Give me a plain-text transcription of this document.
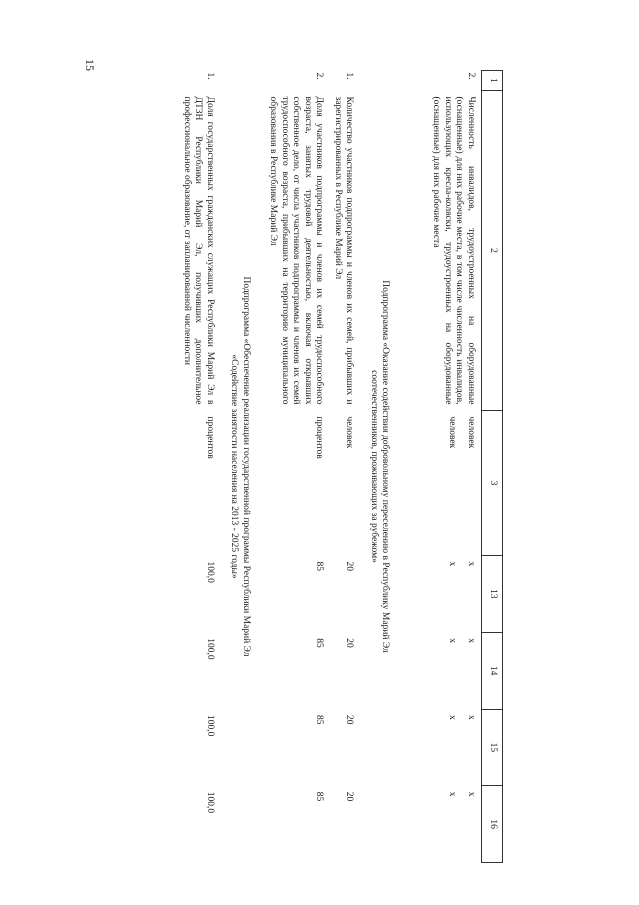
15
1	2	3	13	14	15	16
2.	Численность инвалидов, трудоустроенных на оборудованные (оснащенные) для них рабочие места, в том числе численность инвалидов, использующих кресла-коляски, трудоустроенных на оборудованные (оснащенные) для них рабочие места	человек	х	х	х	х
		человек	х	х	х	х

Подпрограмма «Оказание содействия добровольному переселению в Республику Марий Эл
соотечественников, проживающих за рубежом»						

1.	Количество участников подпрограммы и членов их семей, прибывших и зарегистрированных в Республике Марий Эл	человек	20	20	20	20
2.	Доля участников подпрограммы и членов их семей трудоспособного возраста, занятых трудовой деятельностью, включая открывших собственное дело, от числа участников подпрограммы и членов их семей трудоспособного возраста, прибывших на территорию муниципального образования в Республике Марий Эл	процентов	85	85	85	85

Подпрограмма «Обеспечение реализации государственной программы Республики Марий Эл
«Содействие занятости населения на 2013 - 2025 годы»						

1.	Доля государственных гражданских служащих Республики Марий Эл в ДТЗН Республики Марий Эл, получивших дополнительное профессиональное образование, от запланированной численности	процентов	100,0	100,0	100,0	100,0
